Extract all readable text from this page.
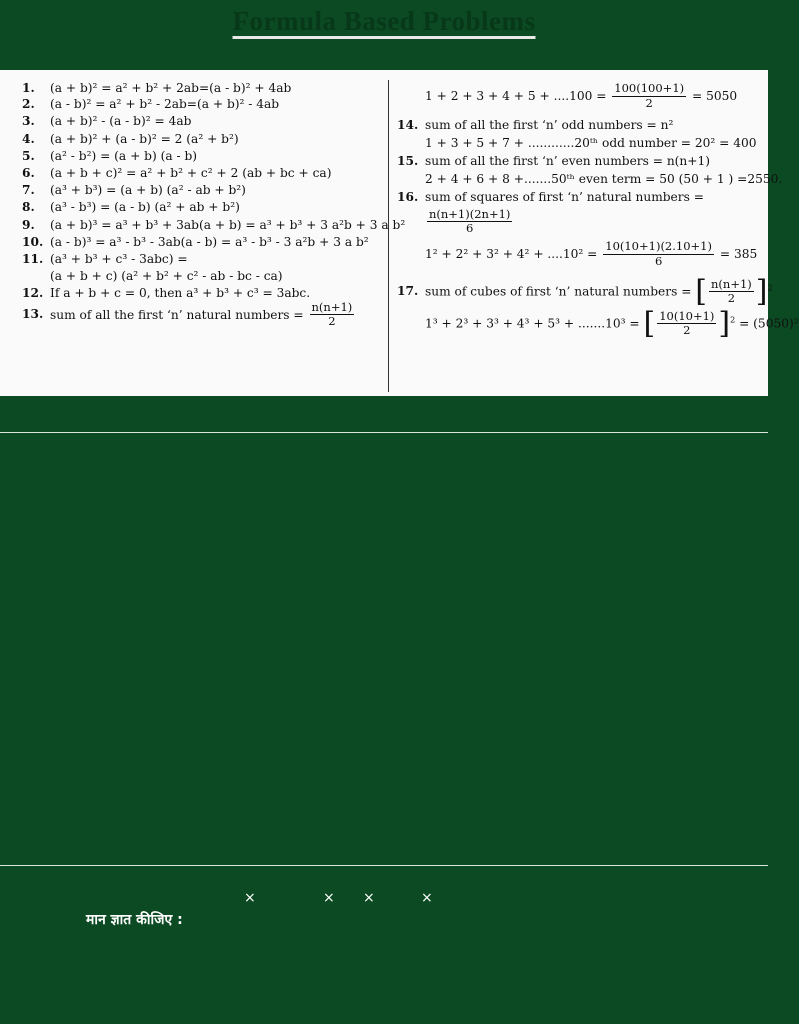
Formula Based Problems
1. (a + b)² = a² + b² + 2ab=(a - b)² + 4ab
2. (a - b)² = a² + b² - 2ab=(a + b)² - 4ab
3. (a + b)² - (a - b)² = 4ab
4. (a + b)² + (a - b)² = 2 (a² + b²)
5. (a² - b²) = (a + b) (a - b)
6. (a + b + c)² = a² + b² + c² + 2 (ab + bc + ca)
7. (a³ + b³) = (a + b) (a² - ab + b²)
8. (a³ - b³) = (a - b) (a² + ab + b²)
9. (a + b)³ = a³ + b³ + 3ab(a + b) = a³ + b³ + 3 a²b + 3 a b²
10. (a - b)³ = a³ - b³ - 3ab(a - b) = a³ - b³ - 3 a²b + 3 a b²
11. (a³ + b³ + c³ - 3abc) =
(a + b + c) (a² + b² + c² - ab - bc - ca)
12. If a + b + c = 0, then a³ + b³ + c³ = 3abc.
13. sum of all the first ‘n’ natural numbers = $\frac{n(n+1)}{2}$
$1 + 2 + 3 + 4 + 5 + ....100 = \frac{100(100+1)}{2} = 5050$
14. sum of all the first ‘n’ odd numbers = n²
1 + 3 + 5 + 7 + ............20ᵗʰ odd number = 20² = 400
15. sum of all the first ‘n’ even numbers = n(n+1)
2 + 4 + 6 + 8 +.......50ᵗʰ even term = 50 (50 + 1 ) =2550.
16. sum of squares of first ‘n’ natural numbers =
$\frac{n(n+1)(2n+1)}{6}$
$1^2 + 2^2 + 3^2 + 4^2 + ....10^2 = \frac{10(10+1)(2.10+1)}{6} = 385$
17. sum of cubes of first ‘n’ natural numbers = [ $\frac{n(n+1)}{2} ]^2$
1³ + 2³ + 3³ + 4³ + 5³ + .......10³ = [ $\frac{10(10+1)}{2} ]^2 = (5050)^2$
×	× ×	×
मान ज्ञात कीजिए :
